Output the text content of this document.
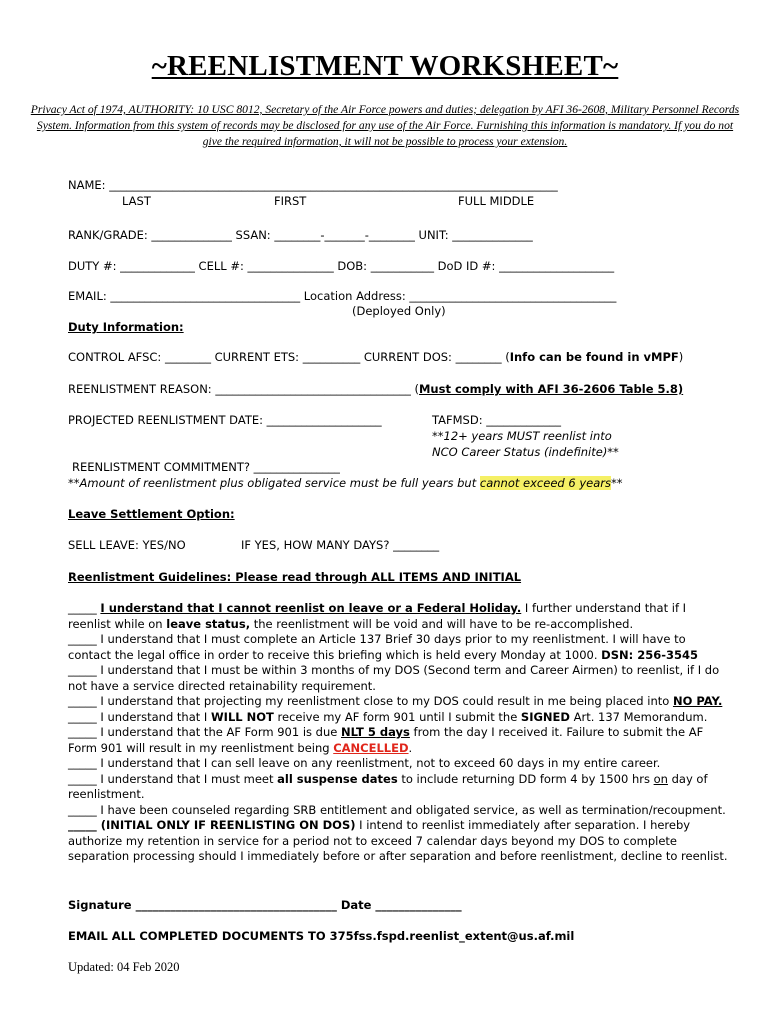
~REENLISTMENT WORKSHEET~
Privacy Act of 1974, AUTHORITY: 10 USC 8012, Secretary of the Air Force powers and duties; delegation by AFI 36-2608, Military Personnel Records System. Information from this system of records may be disclosed for any use of the Air Force. Furnishing this information is mandatory. If you do not give the required information, it will not be possible to process your extension.
NAME: ______________________________________________________________________________
LAST	FIRST	FULL MIDDLE
RANK/GRADE: ______________ SSAN: ________-_______-________ UNIT: ______________
DUTY #: _____________ CELL #: _______________ DOB: ___________ DoD ID #: ____________________
EMAIL: _________________________________ Location Address: ____________________________________
(Deployed Only)
Duty Information:
CONTROL AFSC: ________ CURRENT ETS: __________ CURRENT DOS: ________ (Info can be found in vMPF)
REENLISTMENT REASON: __________________________________ (Must comply with AFI 36-2606 Table 5.8)
PROJECTED REENLISTMENT DATE: ____________________	TAFMSD: _____________
**12+ years MUST reenlist into
NCO Career Status (indefinite)**
REENLISTMENT COMMITMENT? _______________
**Amount of reenlistment plus obligated service must be full years but cannot exceed 6 years**
Leave Settlement Option:
SELL LEAVE: YES/NO	IF YES, HOW MANY DAYS? ________
Reenlistment Guidelines: Please read through ALL ITEMS AND INITIAL

_____ I understand that I cannot reenlist on leave or a Federal Holiday. I further understand that if I reenlist while on leave status, the reenlistment will be void and will have to be re-accomplished.

_____ I understand that I must complete an Article 137 Brief 30 days prior to my reenlistment. I will have to contact the legal office in order to receive this briefing which is held every Monday at 1000. DSN: 256-3545

_____ I understand that I must be within 3 months of my DOS (Second term and Career Airmen) to reenlist, if I do not have a service directed retainability requirement.

_____ I understand that projecting my reenlistment close to my DOS could result in me being placed into NO PAY.

_____ I understand that I WILL NOT receive my AF form 901 until I submit the SIGNED Art. 137 Memorandum.

_____ I understand that the AF Form 901 is due NLT 5 days from the day I received it. Failure to submit the AF Form 901 will result in my reenlistment being CANCELLED.

_____ I understand that I can sell leave on any reenlistment, not to exceed 60 days in my entire career.

_____ I understand that I must meet all suspense dates to include returning DD form 4 by 1500 hrs on day of reenlistment.

_____ I have been counseled regarding SRB entitlement and obligated service, as well as termination/recoupment.

_____ (INITIAL ONLY IF REENLISTING ON DOS) I intend to reenlist immediately after separation. I hereby authorize my retention in service for a period not to exceed 7 calendar days beyond my DOS to complete separation processing should I immediately before or after separation and before reenlistment, decline to reenlist.

Signature ___________________________________ Date _______________
EMAIL ALL COMPLETED DOCUMENTS TO 375fss.fspd.reenlist_extent@us.af.mil
Updated: 04 Feb 2020
